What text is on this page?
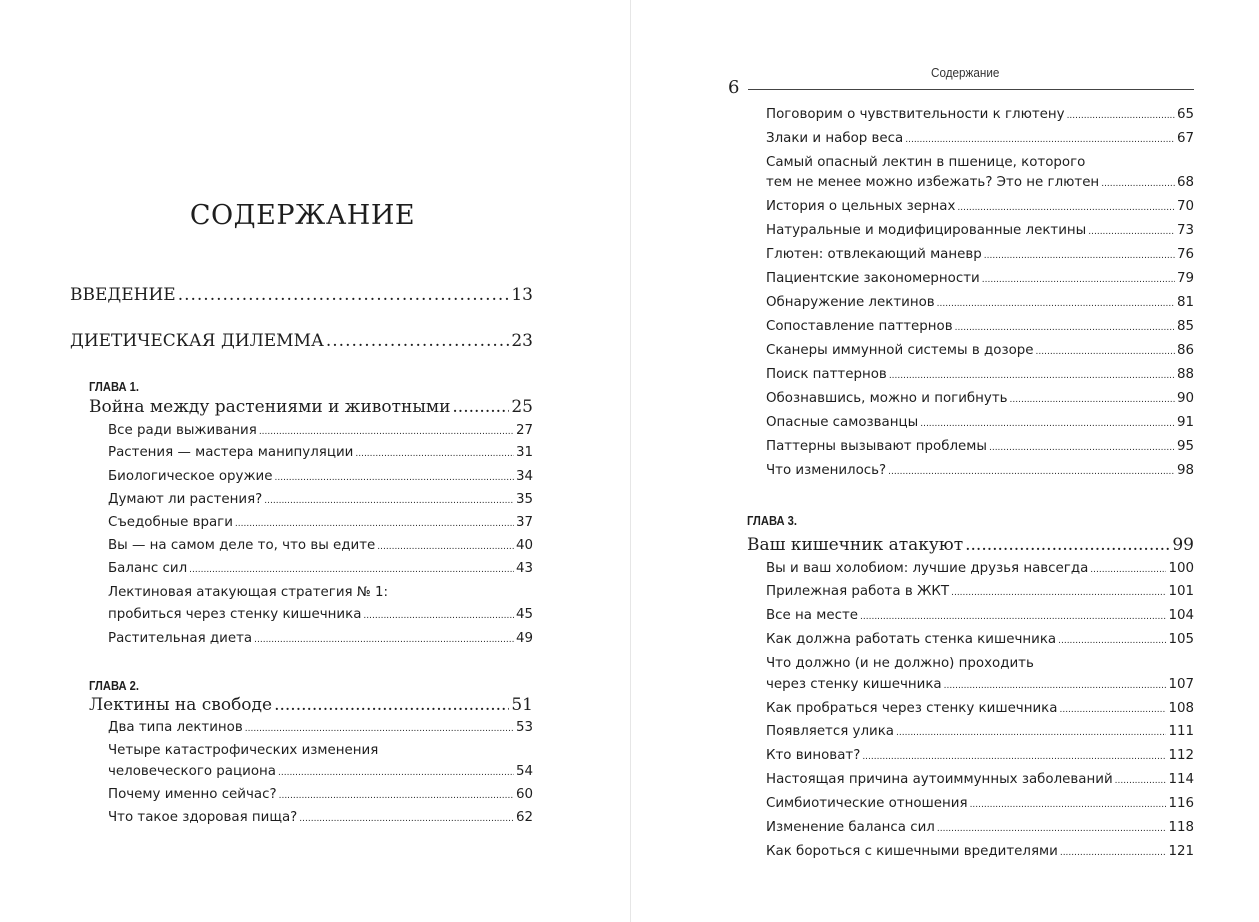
СОДЕРЖАНИЕ
ВВЕДЕНИЕ .....	13
ДИЕТИЧЕСКАЯ ДИЛЕММА .....	23
ГЛАВА 1.
Война между растениями и животными .....	25
Все ради выживания .....	27
Растения — мастера манипуляции .....	31
Биологическое оружие .....	34
Думают ли растения? .....	35
Съедобные враги .....	37
Вы — на самом деле то, что вы едите .....	40
Баланс сил .....	43
Лектиновая атакующая стратегия № 1:
пробиться через стенку кишечника .....	45
Растительная диета .....	49
ГЛАВА 2.
Лектины на свободе .....	51
Два типа лектинов .....	53
Четыре катастрофических изменения
человеческого рациона .....	54
Почему именно сейчас? .....	60
Что такое здоровая пища? .....	62
Содержание
6
Поговорим о чувствительности к глютену .....	65
Злаки и набор веса .....	67
Самый опасный лектин в пшенице, которого
тем не менее можно избежать? Это не глютен .....	68
История о цельных зернах .....	70
Натуральные и модифицированные лектины .....	73
Глютен: отвлекающий маневр .....	76
Пациентские закономерности .....	79
Обнаружение лектинов .....	81
Сопоставление паттернов .....	85
Сканеры иммунной системы в дозоре .....	86
Поиск паттернов .....	88
Обознавшись, можно и погибнуть .....	90
Опасные самозванцы .....	91
Паттерны вызывают проблемы .....	95
Что изменилось? .....	98
ГЛАВА 3.
Ваш кишечник атакуют .....	99
Вы и ваш холобиом: лучшие друзья навсегда .....	100
Прилежная работа в ЖКТ .....	101
Все на месте .....	104
Как должна работать стенка кишечника .....	105
Что должно (и не должно) проходить
через стенку кишечника .....	107
Как пробраться через стенку кишечника .....	108
Появляется улика .....	111
Кто виноват? .....	112
Настоящая причина аутоиммунных заболеваний .....	114
Симбиотические отношения .....	116
Изменение баланса сил .....	118
Как бороться с кишечными вредителями .....	121
